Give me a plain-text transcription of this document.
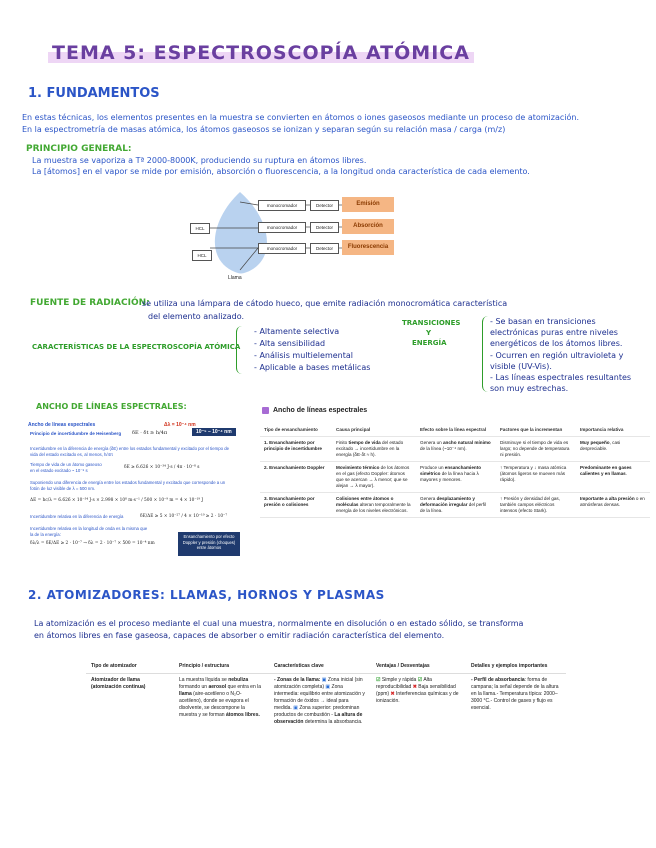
TEMA 5: ESPECTROSCOPÍA ATÓMICA
1. FUNDAMENTOS
En estas técnicas, los elementos presentes en la muestra se convierten en átomos o iones gaseosos mediante un proceso de atomización.
En la espectrometría de masas atómica, los átomos gaseosos se ionizan y separan según su relación masa / carga (m/z)
PRINCIPIO GENERAL:
La muestra se vaporiza a Tª 2000-8000K, produciendo su ruptura en átomos libres.
La [átomos] en el vapor se mide por emisión, absorción o fluorescencia, a la longitud onda característica de cada elemento.
HCL
HCL
monocromador
monocromador
monocromador
Detector
Detector
Detector
Emisión
Absorción
Fluorescencia
Llama
FUENTE DE RADIACIÓN:
se utiliza una lámpara de cátodo hueco, que emite radiación monocromática característica
del elemento analizado.
CARACTERÍSTICAS DE LA ESPECTROSCOPÍA ATÓMICA
- Altamente selectiva
- Alta sensibilidad
- Análisis multielemental
- Aplicable a bases metálicas
TRANSICIONES
Y
ENERGÍA
- Se basan en transiciones electrónicas puras entre niveles energéticos de los átomos libres.
- Ocurren en región ultravioleta y visible (UV-Vis).
- Las líneas espectrales resultantes son muy estrechas.
ANCHO DE LÍNEAS ESPECTRALES:
Ancho de líneas espectrales	Δλ = 10⁻⁴ nm
Principio de incertidumbre de Heisenberg δE · δt ≥ h/4π	10⁻⁵ – 10⁻⁴ nm
Incertidumbre en la diferencia de energía (δE) entre los estados fundamental y excitado por el tiempo de vida del estado excitado es, al menos, h/4π
Tiempo de vida de un átomo gaseoso
en el estado excitado ~ 10⁻⁸ s
δE ≥ 6.626 × 10⁻³⁴ J·s / 4π · 10⁻⁸ s
Suponiendo una diferencia de energía entre los estados fundamental y excitado que corresponde a un fotón de luz visible de λ = 500 nm.
ΔE = hc/λ = 6.626 × 10⁻³⁴ J·s × 2.998 × 10⁸ m·s⁻¹ / 500 × 10⁻⁹ m = 4 × 10⁻¹⁹ J
Incertidumbre relativa en la diferencia de energía	δE/ΔE ≥ 5 × 10⁻²⁷ / 4 × 10⁻¹⁹ ≥ 2 · 10⁻⁷
Incertidumbre relativa en la longitud de onda es la misma que la de la energía:
δλ/λ = δE/ΔE ≥ 2 · 10⁻⁷ → δλ = 2 · 10⁻⁷ × 500 = 10⁻⁴ nm
Ensanchamiento por efecto Doppler y presión (choques) entre átomos
Ancho de líneas espectrales
Tipo de ensanchamiento	Causa principal	Efecto sobre la línea espectral	Factores que la incrementan	Importancia relativa
1. Ensanchamiento por principio de incertidumbre	Finito tiempo de vida del estado excitado → incertidumbre en la energía (δE·δt ≈ h).	Genera un ancho natural mínimo de la línea (~10⁻⁴ nm).	Disminuye si el tiempo de vida es largo; no depende de temperatura ni presión.	Muy pequeño, casi despreciable.
2. Ensanchamiento Doppler	Movimiento térmico de los átomos en el gas (efecto Doppler: átomos que se acercan → λ menor; que se alejan → λ mayor).	Produce un ensanchamiento simétrico de la línea hacia λ mayores y menores.	↑ Temperatura y ↓ masa atómica (átomos ligeros se mueven más rápido).	Predominante en gases calientes y en llamas.
3. Ensanchamiento por presión o colisiones	Colisiones entre átomos o moléculas alteran temporalmente la energía de los niveles electrónicos.	Genera desplazamiento y deformación irregular del perfil de la línea.	↑ Presión y densidad del gas, también campos eléctricos intensos (efecto Stark).	Importante a alta presión o en atmósferas densas.
2. ATOMIZADORES: LLAMAS, HORNOS Y PLASMAS
La atomización es el proceso mediante el cual una muestra, normalmente en disolución o en estado sólido, se transforma
en átomos libres en fase gaseosa, capaces de absorber o emitir radiación característica del elemento.
Tipo de atomizador	Principio / estructura	Características clave	Ventajas / Desventajas	Detalles y ejemplos importantes
Atomizador de llama (atomización continua)	La muestra líquida se nebuliza formando un aerosol que entra en la llama (aire-acetileno o N₂O-acetileno), donde se evapora el disolvente, se descompone la muestra y se forman átomos libres.	- Zonas de la llama: ▣ Zona inicial (sin atomización completa) ▣ Zona intermedia: equilibrio entre atomización y formación de óxidos → ideal para medida. ▣ Zona superior: predominan productos de combustión - La altura de observación determina la absorbancia.	☑ Simple y rápida ☑ Alta reproducibilidad ✖ Baja sensibilidad (ppm) ✖ Interferencias químicas y de ionización.	- Perfil de absorbancia: forma de campana; la señal depende de la altura en la llama.- Temperatura típica: 2000–3000 °C.- Control de gases y flujo es esencial.
